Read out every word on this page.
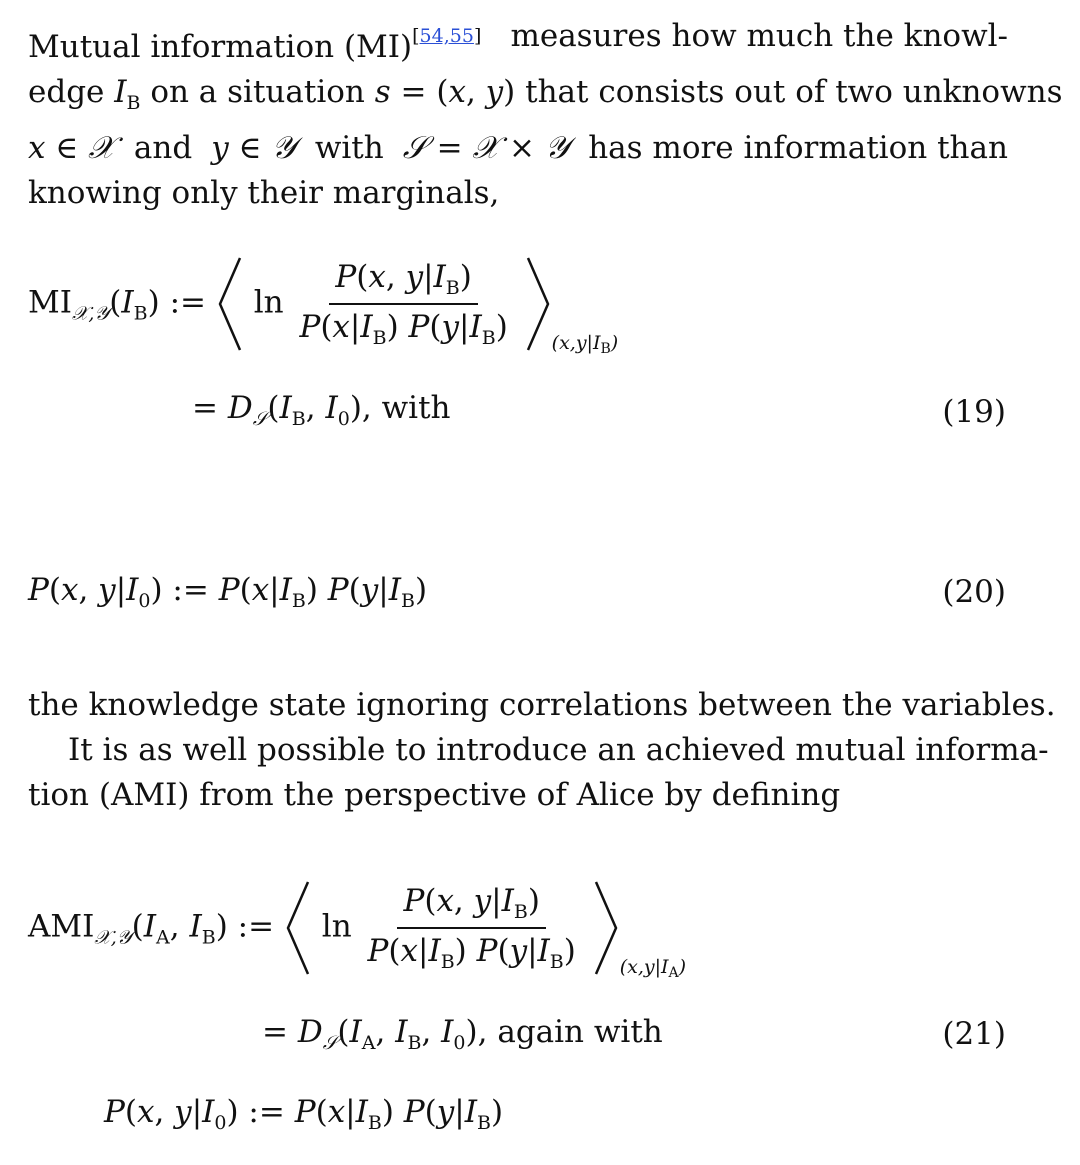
Mutual information (MI)[54,55] measures how much the knowl-
edge $I_B$ on a situation s = (x, y) that consists out of two unknowns
x ∈ 𝒳 and y ∈ 𝒴 with 𝒮 = 𝒳 × 𝒴 has more information than
knowing only their marginals,
$MI_{𝒳,𝒴}(I_B)$ := $\ln \frac{P(x, y|I_B)}{P(x|I_B) P(y|I_B)}$
$_{(x,y|I_B)}$
= $D_𝒮(I_B$, $I_0$), with	(19)
P(x, $y|I_0$) := $P(x|I_B)$ $P(y|I_B)$	(20)
the knowledge state ignoring correlations between the variables.
It is as well possible to introduce an achieved mutual informa-
tion (AMI) from the perspective of Alice by defining
$AMI_{𝒳,𝒴}(I_A$, $I_B$) := $\ln \frac{P(x, y|I_B)}{P(x|I_B) P(y|I_B)}$
$_{(x,y|I_A)}$
= $D_𝒮(I_A$, $I_B$, $I_0$), again with	(21)
P(x, $y|I_0$) := $P(x|I_B)$ $P(y|I_B)$
